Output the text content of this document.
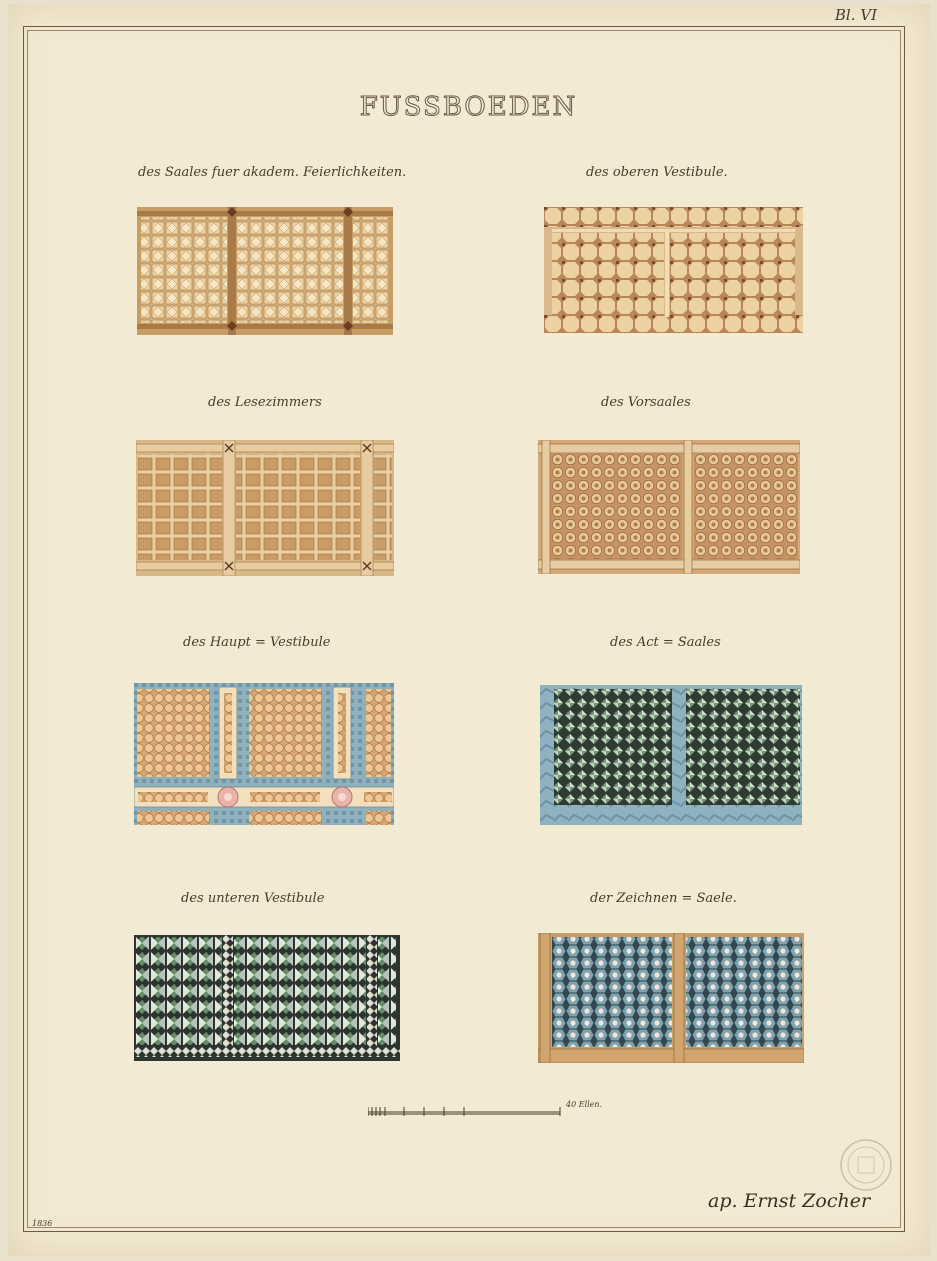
Bl. VI
FUSSBOEDEN
des Saales fuer akadem. Feierlichkeiten.	des oberen Vestibule.
des Lesezimmers	des Vorsaales
des Haupt = Vestibule	des Act = Saales
des unteren Vestibule	der Zeichnen = Saele.
40 Ellen.
1836
ap. Ernst Zocher
